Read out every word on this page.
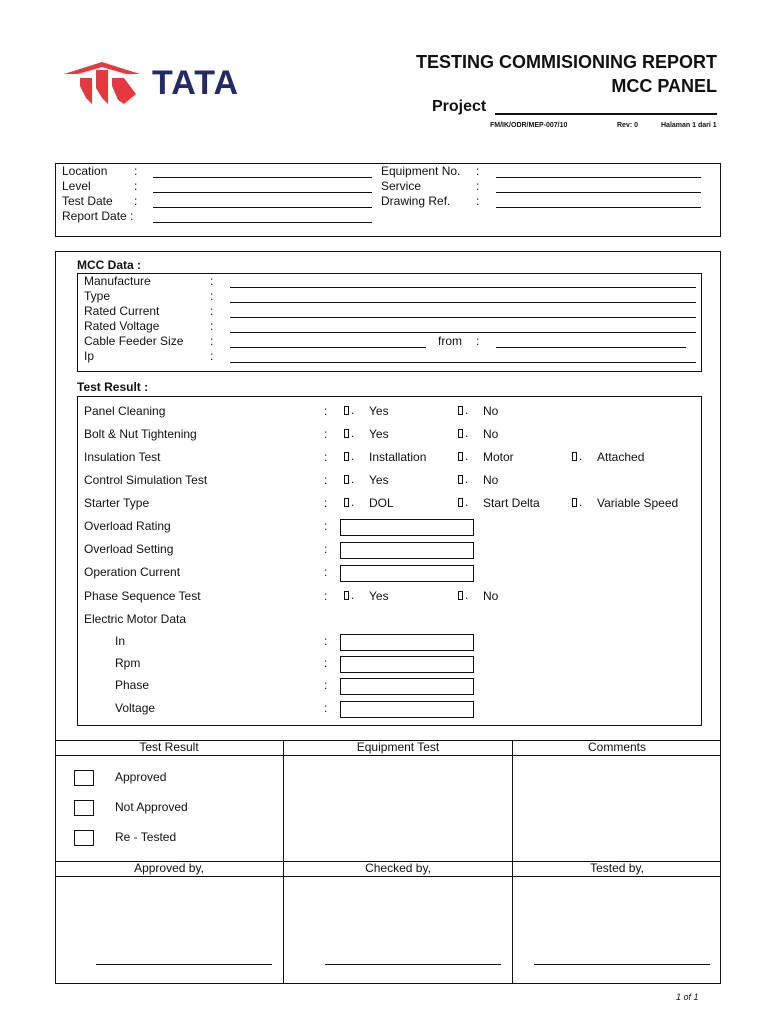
TATA
TESTING COMMISIONING REPORT
MCC PANEL
Project
FM/IK/ODR/MEP-007/10	Rev: 0	Halaman 1 dari 1
Location :
Level	:
Test Date :
Report Date :
Equipment No. :
Service	:
Drawing Ref. :
MCC Data :
Manufacture	:
Type	:
Rated Current	:
Rated Voltage	:
Cable Feeder Size :	from :
Ip	:
Test Result :
Panel Cleaning	:	. Yes	. No
Bolt & Nut Tightening	:	. Yes	. No
Insulation Test	:	. Installation	. Motor	. Attached
Control Simulation Test	:	. Yes	. No
Starter Type	:	. DOL	. Start Delta	. Variable Speed
Overload Rating	:
Overload Setting	:
Operation Current	:
Phase Sequence Test	:	. Yes	. No
Electric Motor Data
In	:
Rpm	:
Phase	:
Voltage	:
Test Result	Equipment Test	Comments
Approved
Not Approved
Re - Tested
Approved by,	Checked by,	Tested by,
1 of 1
